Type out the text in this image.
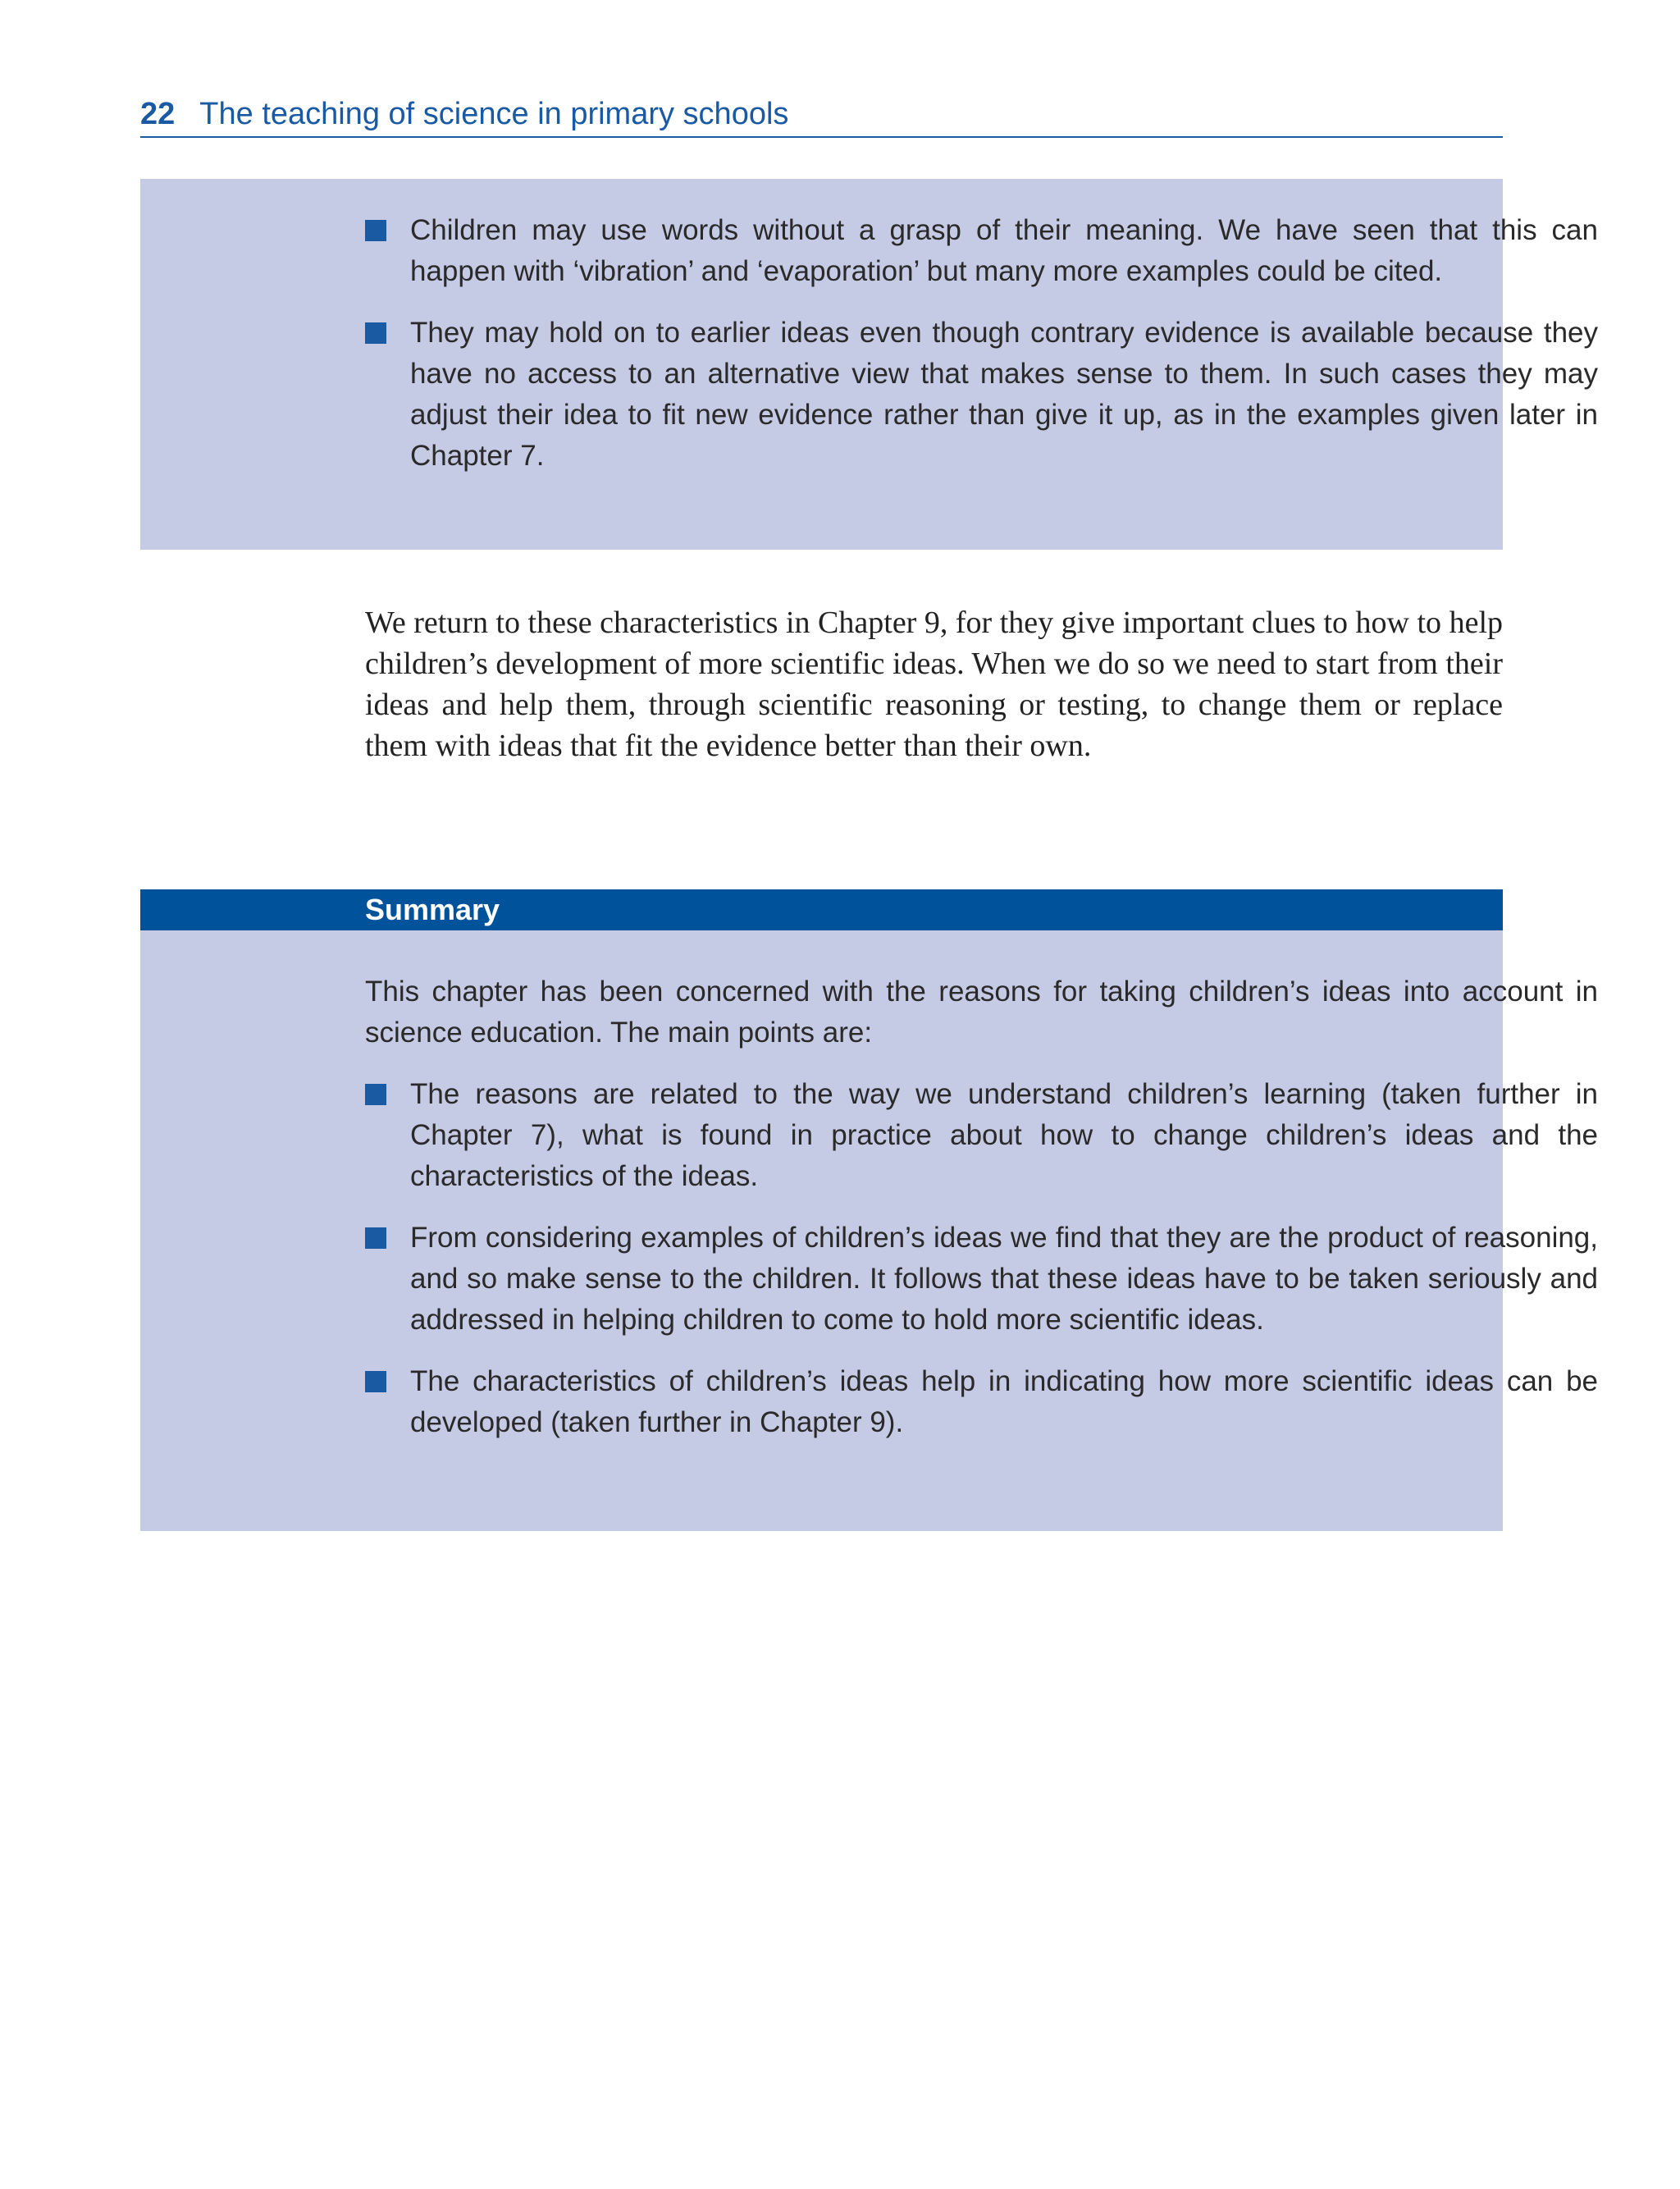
22 The teaching of science in primary schools
Children may use words without a grasp of their meaning. We have seen that this can happen with ‘vibration’ and ‘evaporation’ but many more examples could be cited.
They may hold on to earlier ideas even though contrary evidence is available because they have no access to an alternative view that makes sense to them. In such cases they may adjust their idea to fit new evidence rather than give it up, as in the examples given later in Chapter 7.

We return to these characteristics in Chapter 9, for they give important clues to how to help children’s development of more scientific ideas. When we do so we need to start from their ideas and help them, through scientific reasoning or testing, to change them or replace them with ideas that fit the evidence better than their own.

Summary

This chapter has been concerned with the reasons for taking children’s ideas into account in science education. The main points are:

The reasons are related to the way we understand children’s learning (taken further in Chapter 7), what is found in practice about how to change children’s ideas and the characteristics of the ideas.
From considering examples of children’s ideas we find that they are the product of reasoning, and so make sense to the children. It follows that these ideas have to be taken seriously and addressed in helping children to come to hold more scientific ideas.
The characteristics of children’s ideas help in indicating how more scientific ideas can be developed (taken further in Chapter 9).
